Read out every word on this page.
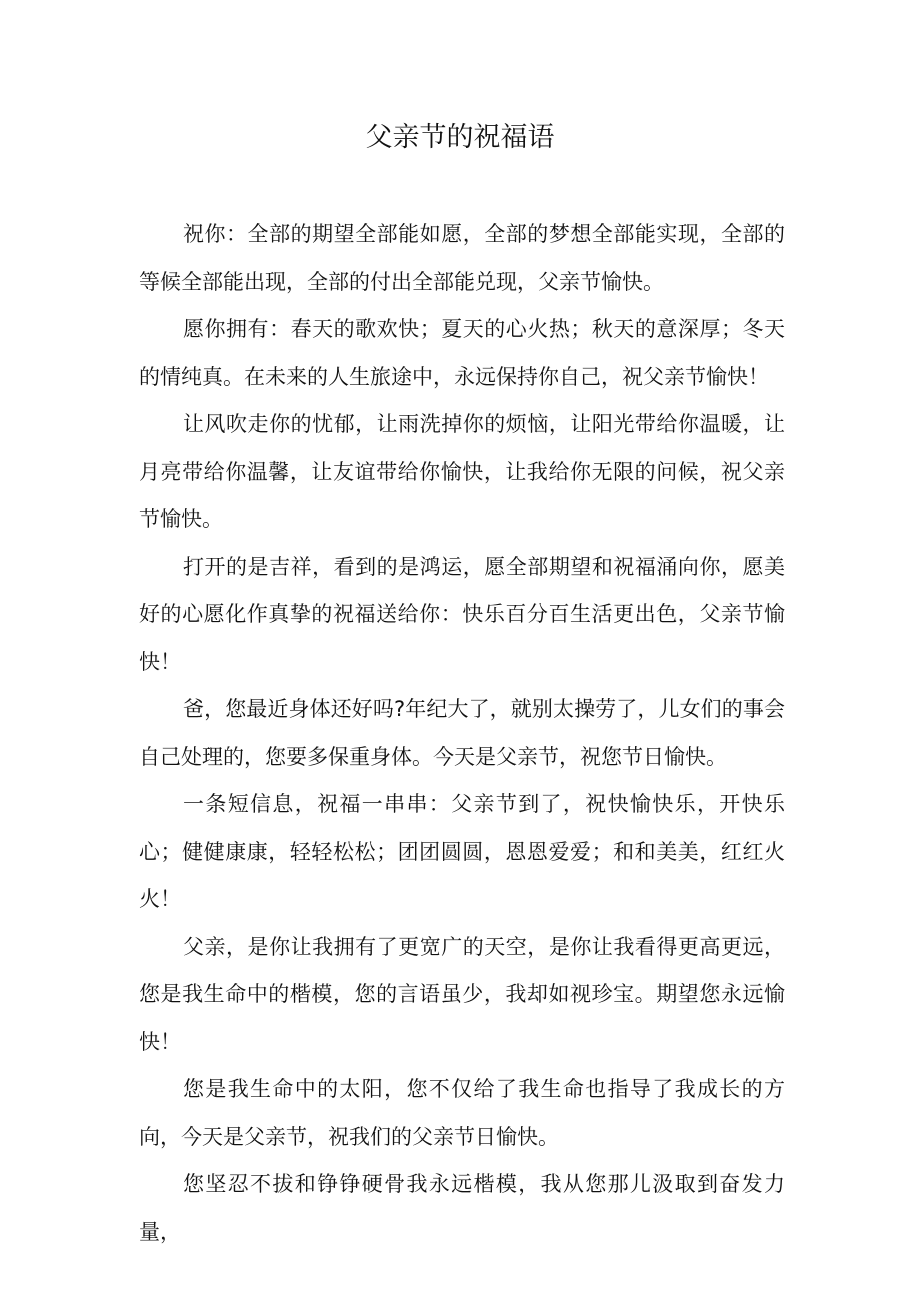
父亲节的祝福语

祝你：全部的期望全部能如愿，全部的梦想全部能实现，全部的等候全部能出现，全部的付出全部能兑现，父亲节愉快。

愿你拥有：春天的歌欢快；夏天的心火热；秋天的意深厚；冬天的情纯真。在未来的人生旅途中，永远保持你自己，祝父亲节愉快！

让风吹走你的忧郁，让雨洗掉你的烦恼，让阳光带给你温暖，让月亮带给你温馨，让友谊带给你愉快，让我给你无限的问候，祝父亲节愉快。

打开的是吉祥，看到的是鸿运，愿全部期望和祝福涌向你，愿美好的心愿化作真挚的祝福送给你：快乐百分百生活更出色，父亲节愉快！

爸，您最近身体还好吗?年纪大了，就别太操劳了，儿女们的事会自己处理的，您要多保重身体。今天是父亲节，祝您节日愉快。

一条短信息，祝福一串串：父亲节到了，祝快愉快乐，开快乐心；健健康康，轻轻松松；团团圆圆，恩恩爱爱；和和美美，红红火火！

父亲，是你让我拥有了更宽广的天空，是你让我看得更高更远，您是我生命中的楷模，您的言语虽少，我却如视珍宝。期望您永远愉快！

您是我生命中的太阳，您不仅给了我生命也指导了我成长的方向，今天是父亲节，祝我们的父亲节日愉快。

您坚忍不拔和铮铮硬骨我永远楷模，我从您那儿汲取到奋发力量，
